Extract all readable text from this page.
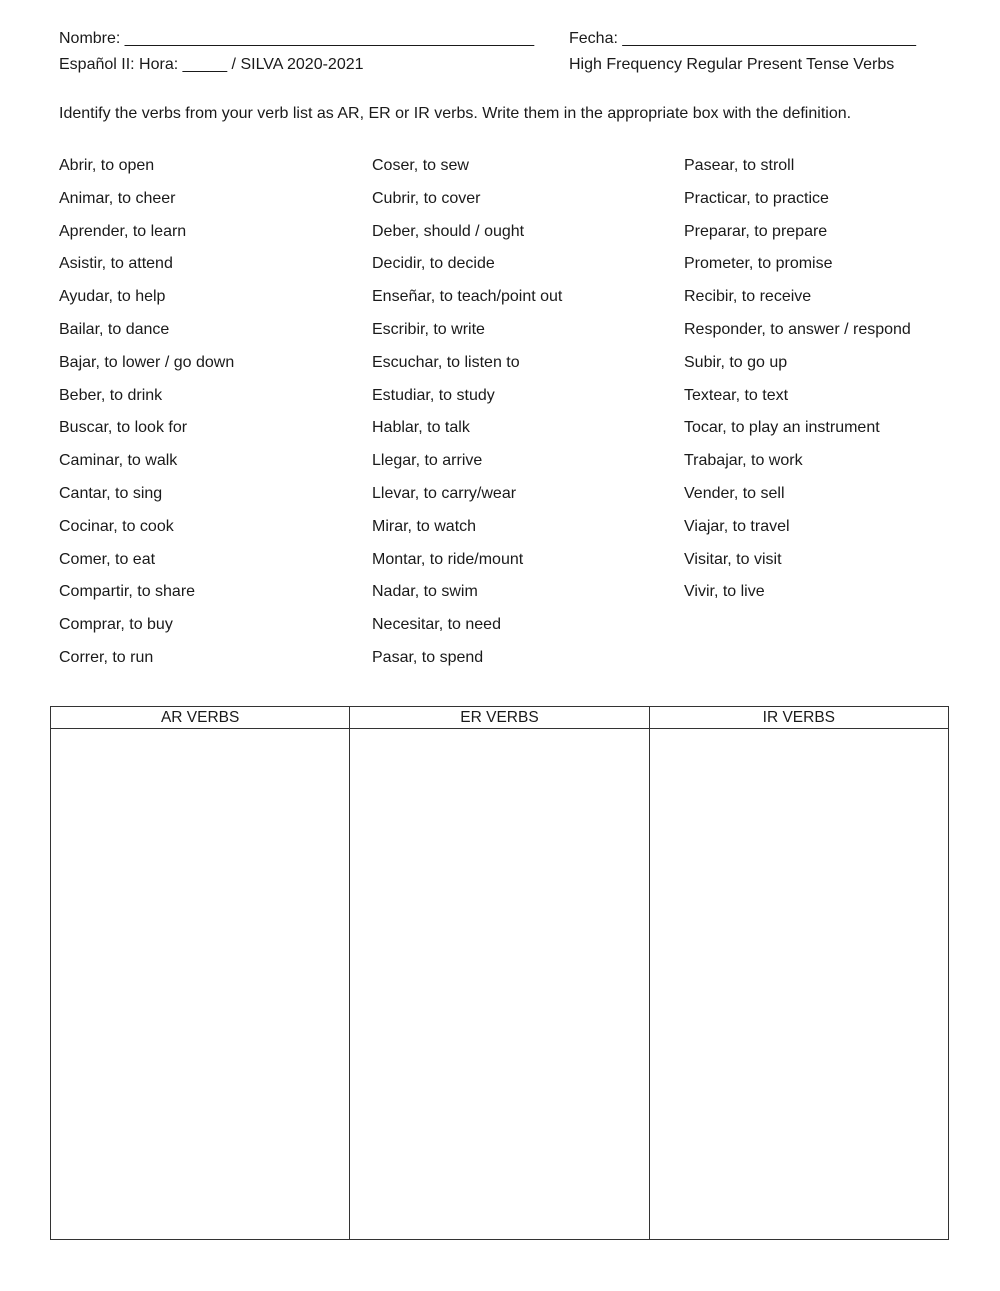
Nombre: ______________________________________________ Fecha: _________________________________
Español II: Hora: _____ / SILVA 2020-2021	High Frequency Regular Present Tense Verbs
Identify the verbs from your verb list as AR, ER or IR verbs. Write them in the appropriate box with the definition.
Abrir, to open
Animar, to cheer
Aprender, to learn
Asistir, to attend
Ayudar, to help
Bailar, to dance
Bajar, to lower / go down
Beber, to drink
Buscar, to look for
Caminar, to walk
Cantar, to sing
Cocinar, to cook
Comer, to eat
Compartir, to share
Comprar, to buy
Correr, to run
Coser, to sew
Cubrir, to cover
Deber, should / ought
Decidir, to decide
Enseñar, to teach/point out
Escribir, to write
Escuchar, to listen to
Estudiar, to study
Hablar, to talk
Llegar, to arrive
Llevar, to carry/wear
Mirar, to watch
Montar, to ride/mount
Nadar, to swim
Necesitar, to need
Pasar, to spend
Pasear, to stroll
Practicar, to practice
Preparar, to prepare
Prometer, to promise
Recibir, to receive
Responder, to answer / respond
Subir, to go up
Textear, to text
Tocar, to play an instrument
Trabajar, to work
Vender, to sell
Viajar, to travel
Visitar, to visit
Vivir, to live
AR VERBS	ER VERBS	IR VERBS
